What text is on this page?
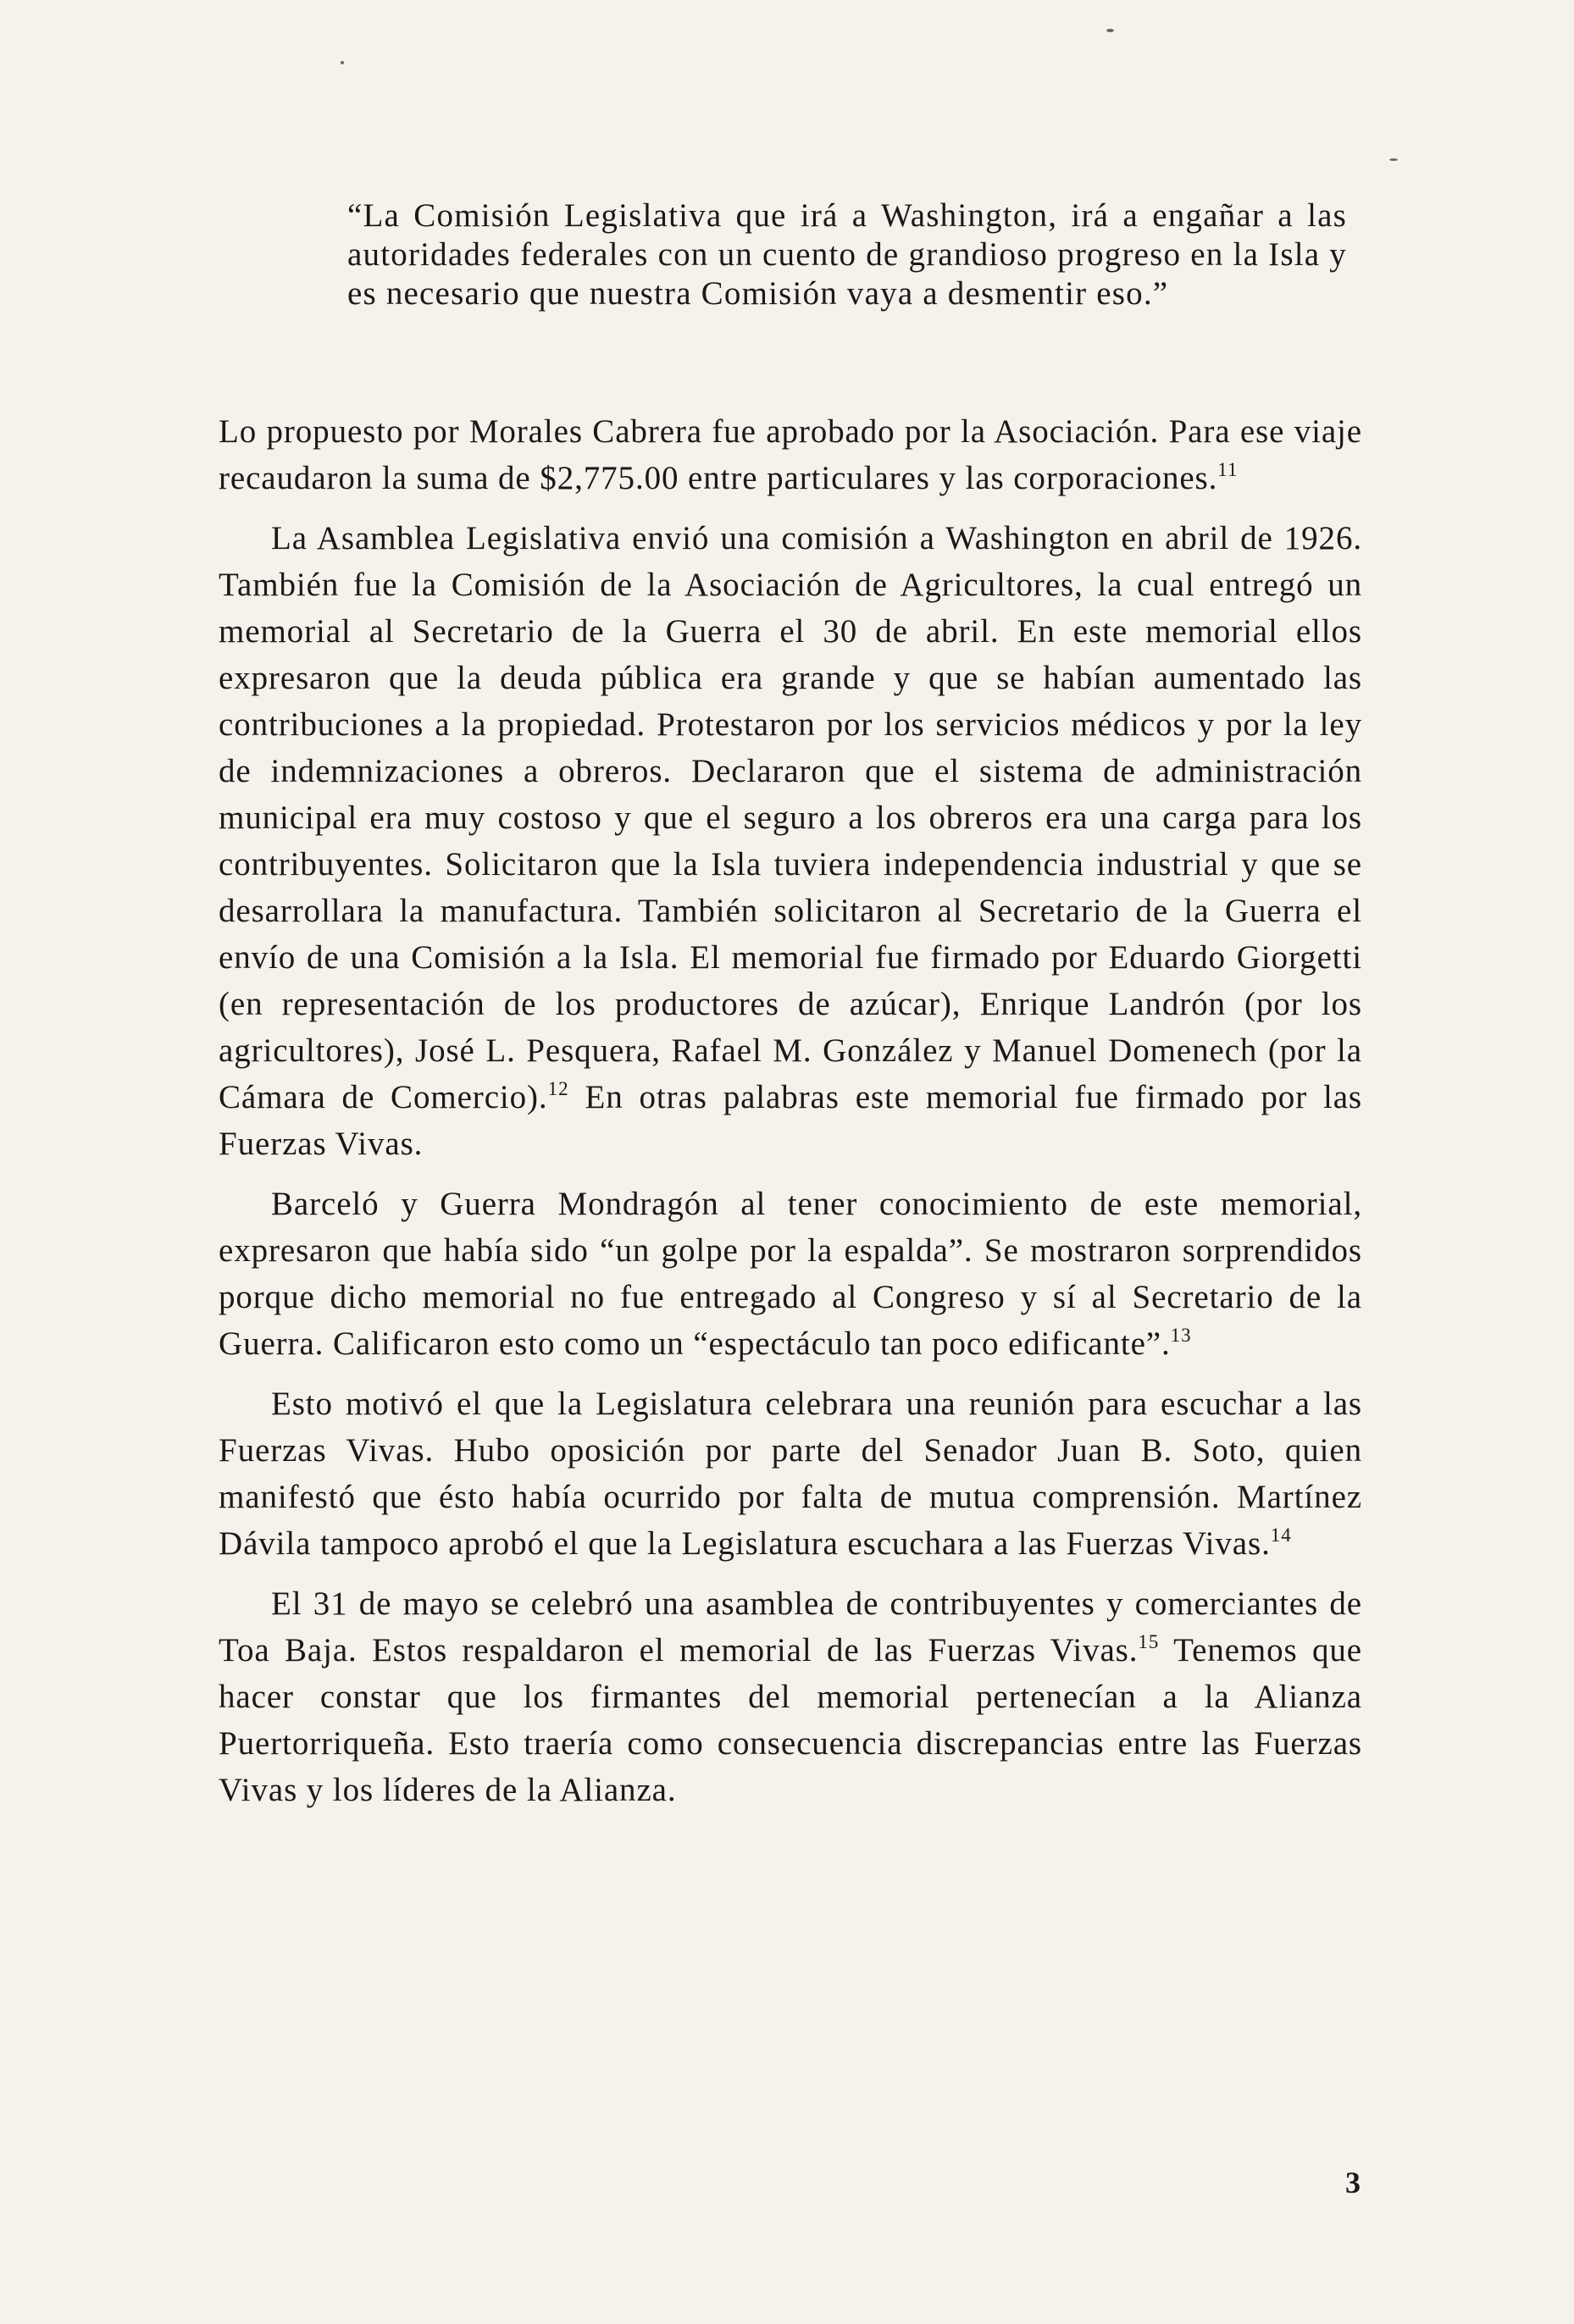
“La Comisión Legislativa que irá a Washington, irá a engañar a las autoridades federales con un cuento de grandioso progreso en la Isla y es necesario que nuestra Comisión vaya a desmentir eso.”

Lo propuesto por Morales Cabrera fue aprobado por la Asociación. Para ese viaje recaudaron la suma de $2,775.00 entre particulares y las corporaciones.$^{11}$

La Asamblea Legislativa envió una comisión a Washington en abril de 1926. También fue la Comisión de la Asociación de Agricultores, la cual entregó un memorial al Secretario de la Guerra el 30 de abril. En este memorial ellos expresaron que la deuda pública era grande y que se habían aumentado las contribuciones a la propiedad. Protestaron por los servicios médicos y por la ley de indemnizaciones a obreros. Declararon que el sistema de administración municipal era muy costoso y que el seguro a los obreros era una carga para los contribuyentes. Solicitaron que la Isla tuviera independencia industrial y que se desarrollara la manufactura. También solicitaron al Secretario de la Guerra el envío de una Comisión a la Isla. El memorial fue firmado por Eduardo Giorgetti (en representación de los productores de azúcar), Enrique Landrón (por los agricultores), José L. Pesquera, Rafael M. González y Manuel Domenech (por la Cámara de Comercio).$^{12}$ En otras palabras este memorial fue firmado por las Fuerzas Vivas.

Barceló y Guerra Mondragón al tener conocimiento de este memorial, expresaron que había sido “un golpe por la espalda”. Se mostraron sorprendidos porque dicho memorial no fue entregado al Congreso y sí al Secretario de la Guerra. Calificaron esto como un “espectáculo tan poco edificante”.$^{13}$

Esto motivó el que la Legislatura celebrara una reunión para escuchar a las Fuerzas Vivas. Hubo oposición por parte del Senador Juan B. Soto, quien manifestó que ésto había ocurrido por falta de mutua comprensión. Martínez Dávila tampoco aprobó el que la Legislatura escuchara a las Fuerzas Vivas.$^{14}$

El 31 de mayo se celebró una asamblea de contribuyentes y comerciantes de Toa Baja. Estos respaldaron el memorial de las Fuerzas Vivas.$^{15}$ Tenemos que hacer constar que los firmantes del memorial pertenecían a la Alianza Puertorriqueña. Esto traería como consecuencia discrepancias entre las Fuerzas Vivas y los líderes de la Alianza.

3
